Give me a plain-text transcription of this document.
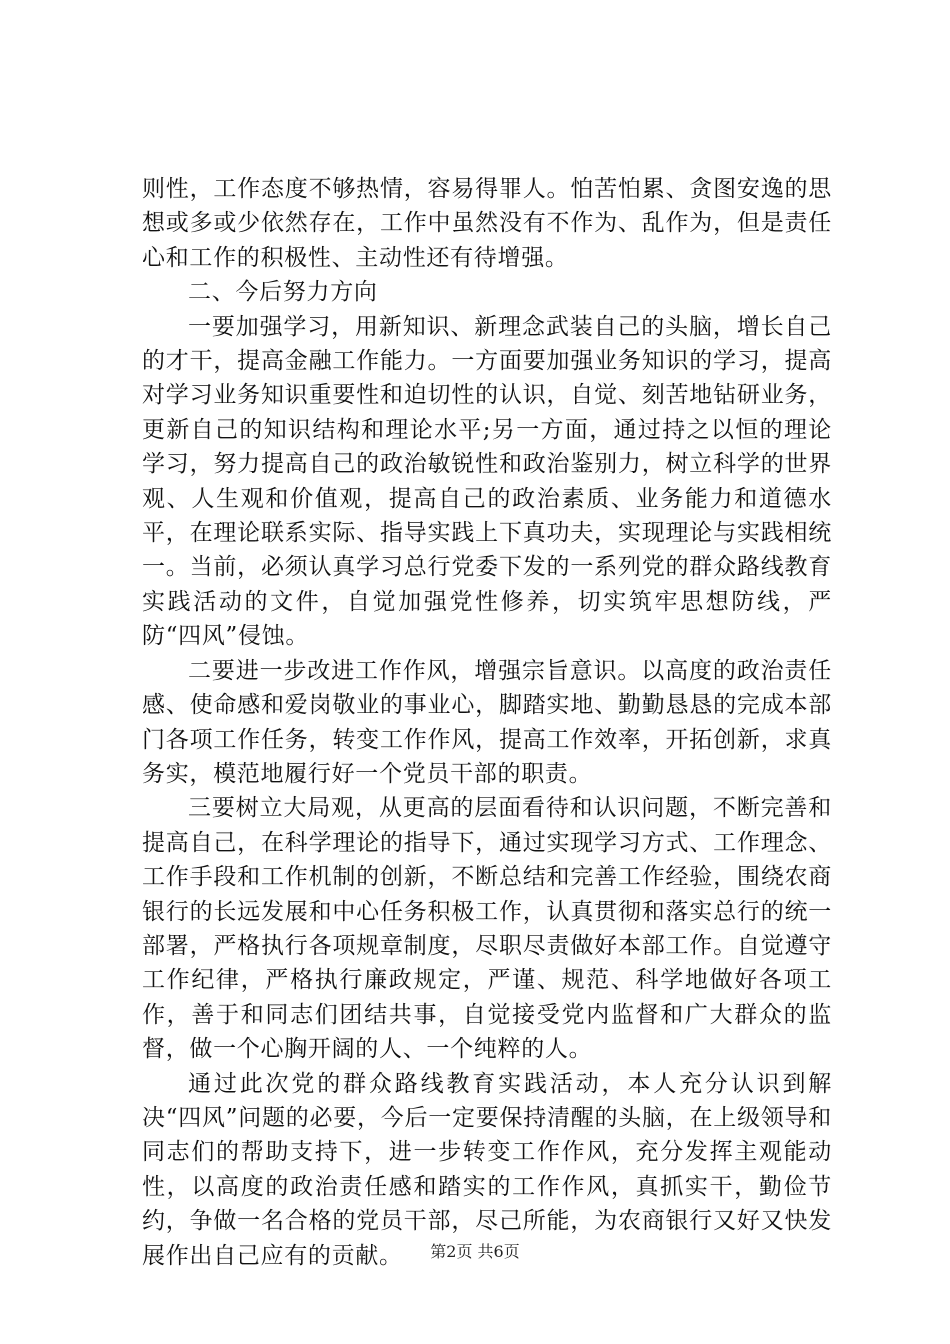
则性，工作态度不够热情，容易得罪人。怕苦怕累、贪图安逸的思想或多或少依然存在，工作中虽然没有不作为、乱作为，但是责任心和工作的积极性、主动性还有待增强。

二、今后努力方向

一要加强学习，用新知识、新理念武装自己的头脑，增长自己的才干，提高金融工作能力。一方面要加强业务知识的学习，提高对学习业务知识重要性和迫切性的认识，自觉、刻苦地钻研业务，更新自己的知识结构和理论水平;另一方面，通过持之以恒的理论学习，努力提高自己的政治敏锐性和政治鉴别力，树立科学的世界观、人生观和价值观，提高自己的政治素质、业务能力和道德水平，在理论联系实际、指导实践上下真功夫，实现理论与实践相统一。当前，必须认真学习总行党委下发的一系列党的群众路线教育实践活动的文件，自觉加强党性修养，切实筑牢思想防线，严防“四风”侵蚀。

二要进一步改进工作作风，增强宗旨意识。以高度的政治责任感、使命感和爱岗敬业的事业心，脚踏实地、勤勤恳恳的完成本部门各项工作任务，转变工作作风，提高工作效率，开拓创新，求真务实，模范地履行好一个党员干部的职责。

三要树立大局观，从更高的层面看待和认识问题，不断完善和提高自己，在科学理论的指导下，通过实现学习方式、工作理念、工作手段和工作机制的创新，不断总结和完善工作经验，围绕农商银行的长远发展和中心任务积极工作，认真贯彻和落实总行的统一部署，严格执行各项规章制度，尽职尽责做好本部工作。自觉遵守工作纪律，严格执行廉政规定，严谨、规范、科学地做好各项工作，善于和同志们团结共事，自觉接受党内监督和广大群众的监督，做一个心胸开阔的人、一个纯粹的人。

通过此次党的群众路线教育实践活动，本人充分认识到解决“四风”问题的必要，今后一定要保持清醒的头脑，在上级领导和同志们的帮助支持下，进一步转变工作作风，充分发挥主观能动性，以高度的政治责任感和踏实的工作作风，真抓实干，勤俭节约，争做一名合格的党员干部，尽己所能，为农商银行又好又快发展作出自己应有的贡献。	第2页 共6页
